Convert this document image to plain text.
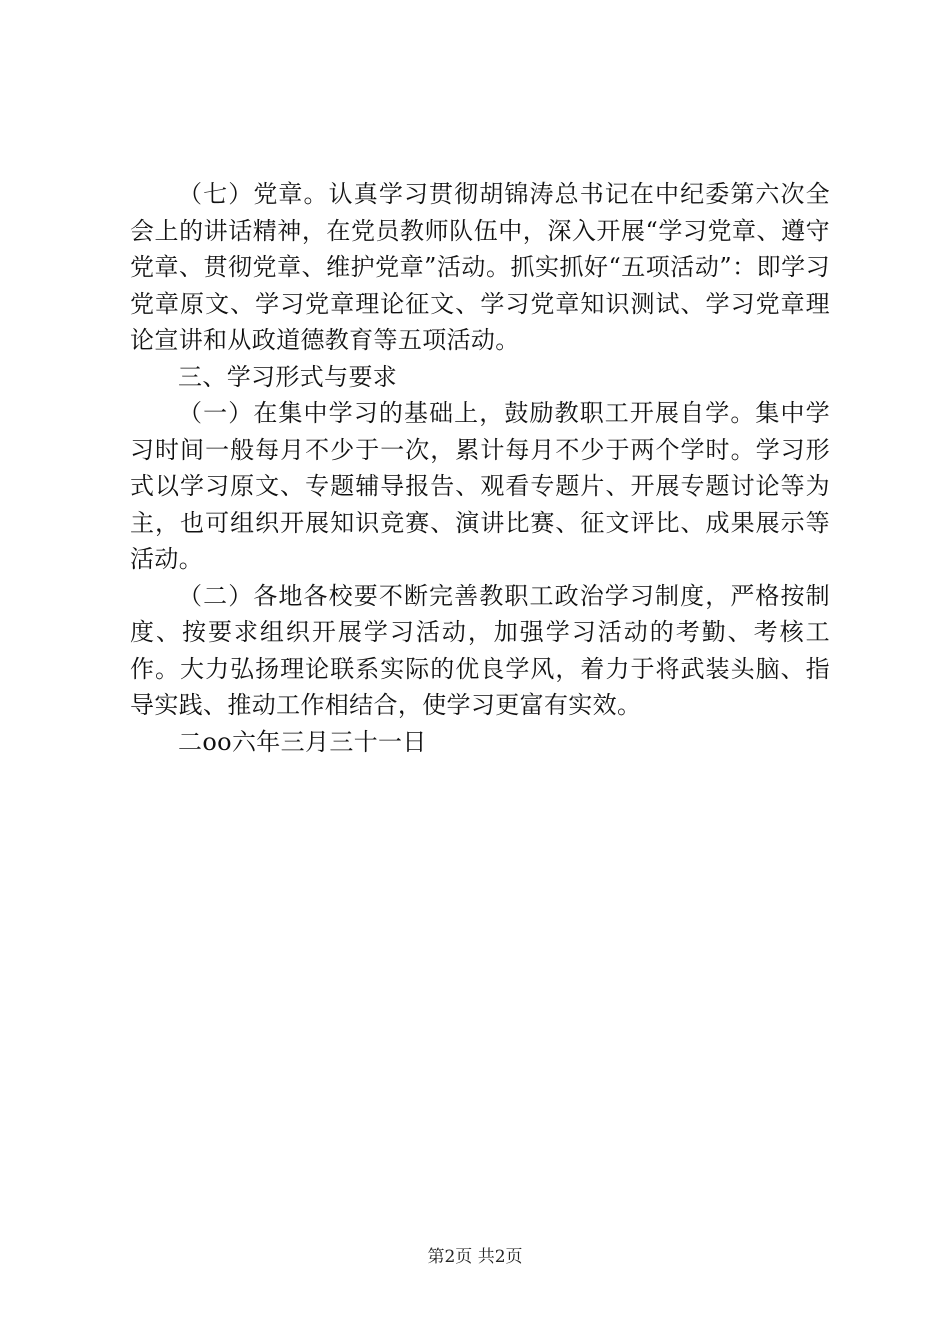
（七）党章。认真学习贯彻胡锦涛总书记在中纪委第六次全会上的讲话精神，在党员教师队伍中，深入开展“学习党章、遵守党章、贯彻党章、维护党章”活动。抓实抓好“五项活动”：即学习党章原文、学习党章理论征文、学习党章知识测试、学习党章理论宣讲和从政道德教育等五项活动。

三、学习形式与要求

（一）在集中学习的基础上，鼓励教职工开展自学。集中学习时间一般每月不少于一次，累计每月不少于两个学时。学习形式以学习原文、专题辅导报告、观看专题片、开展专题讨论等为主，也可组织开展知识竞赛、演讲比赛、征文评比、成果展示等活动。

（二）各地各校要不断完善教职工政治学习制度，严格按制度、按要求组织开展学习活动，加强学习活动的考勤、考核工作。大力弘扬理论联系实际的优良学风，着力于将武装头脑、指导实践、推动工作相结合，使学习更富有实效。

二oo六年三月三十一日

第2页 共2页
